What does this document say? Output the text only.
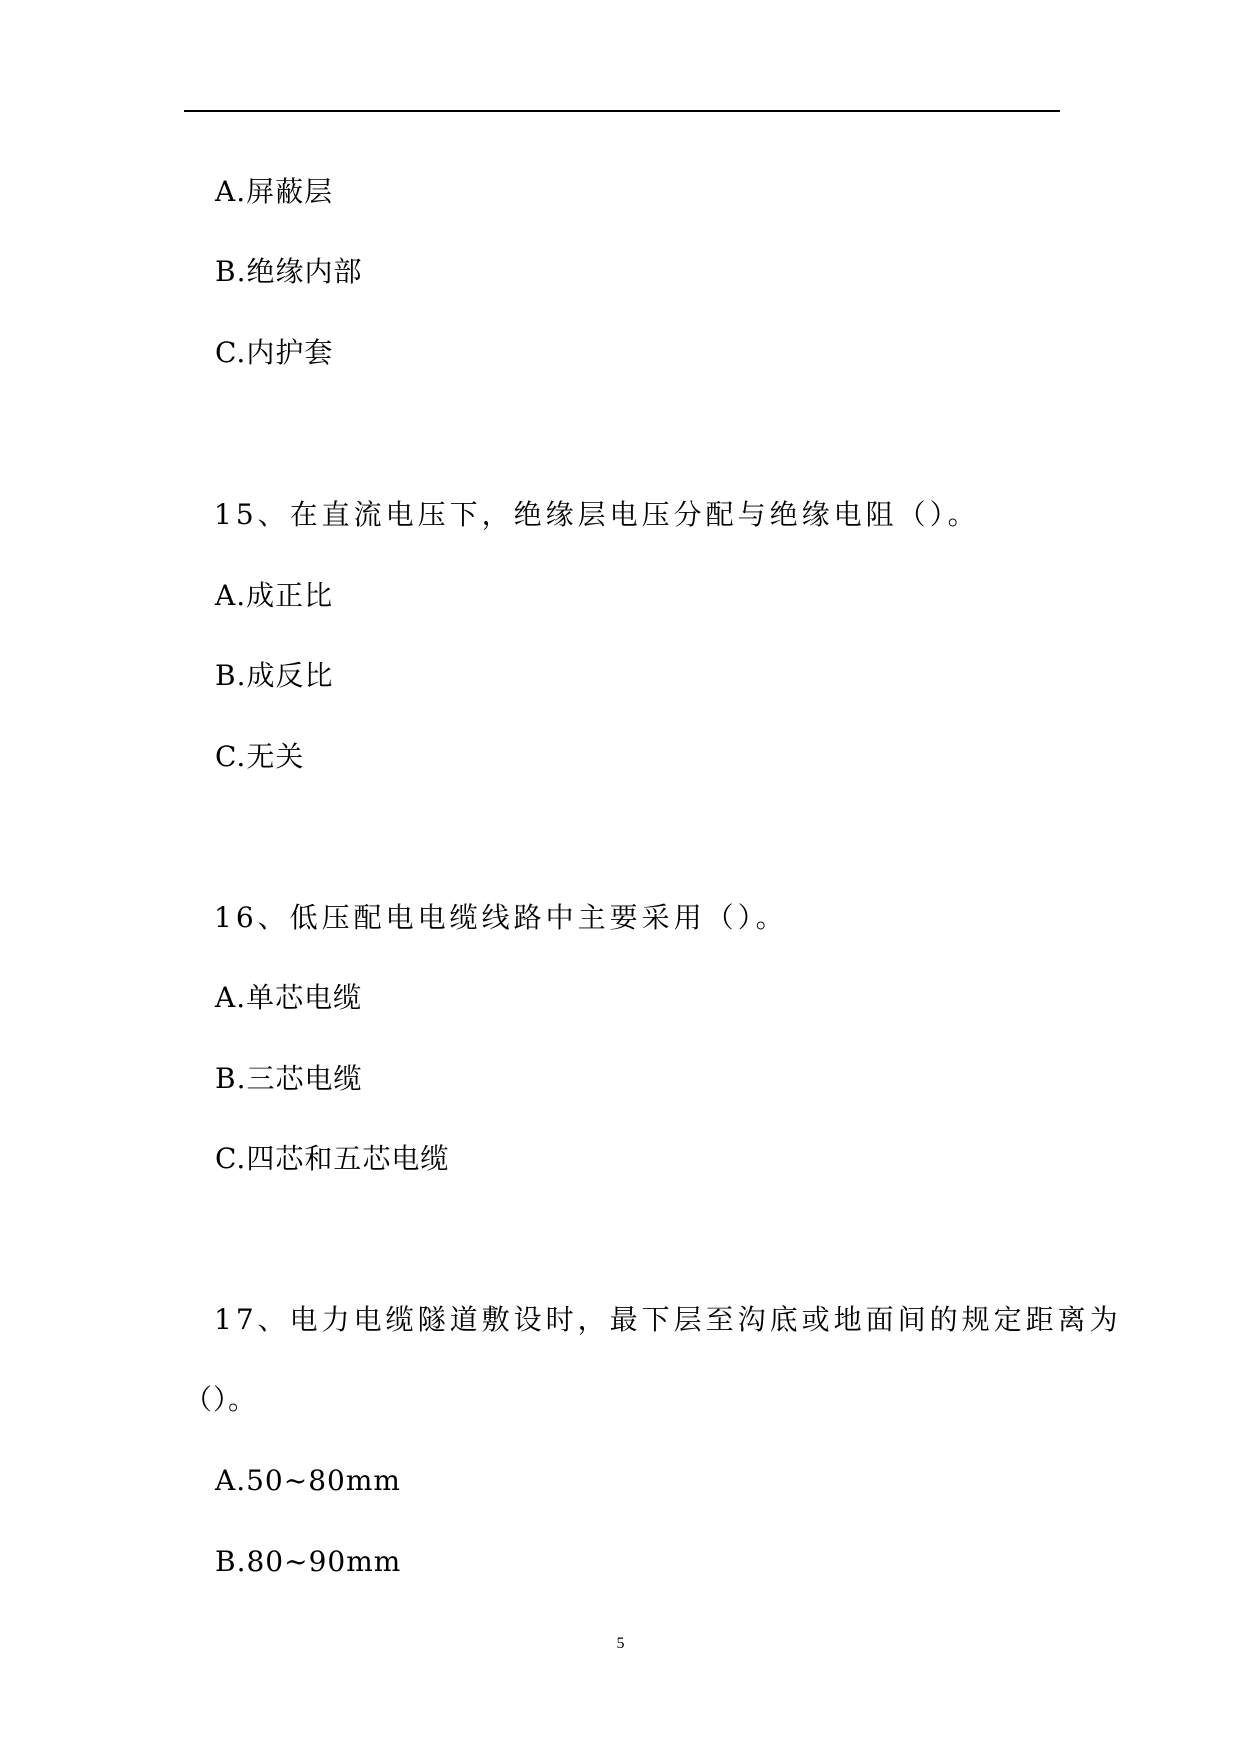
A.屏蔽层
B.绝缘内部
C.内护套
15、在直流电压下，绝缘层电压分配与绝缘电阻（）。
A.成正比
B.成反比
C.无关
16、低压配电电缆线路中主要采用（）。
A.单芯电缆
B.三芯电缆
C.四芯和五芯电缆
17、电力电缆隧道敷设时，最下层至沟底或地面间的规定距离为
（）。
A.50~80mm
B.80~90mm
5
